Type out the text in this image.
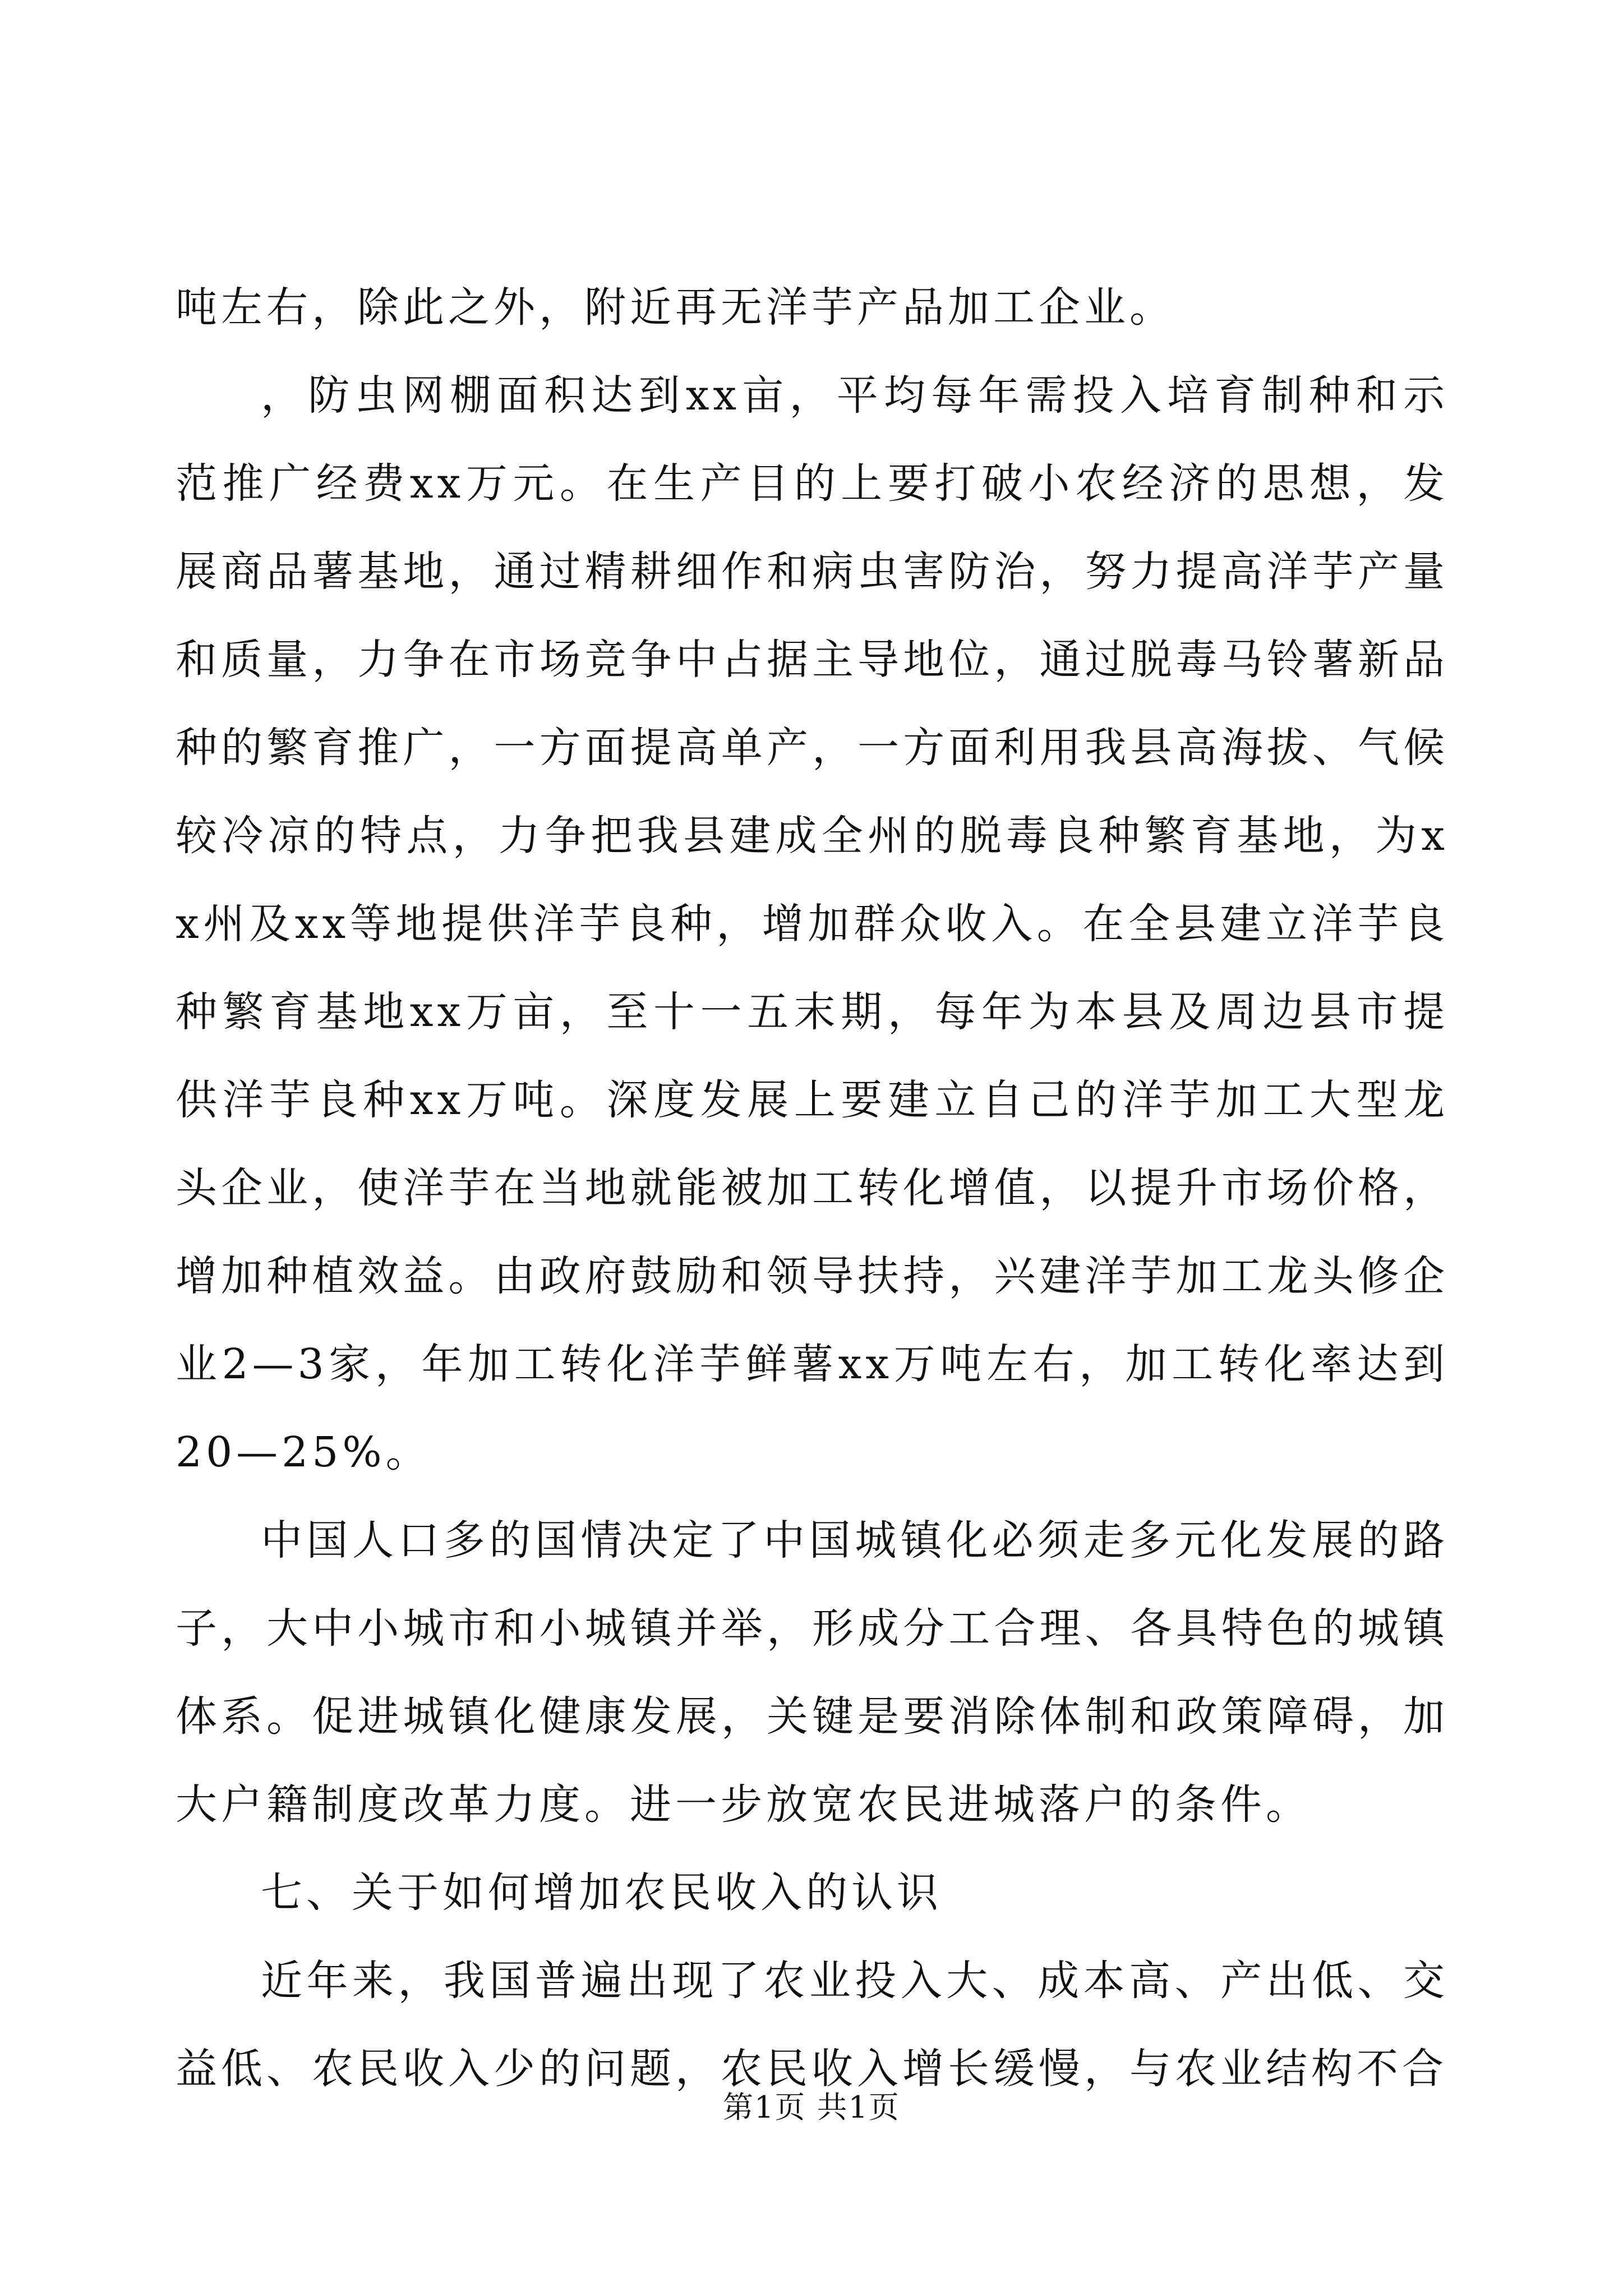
吨左右，除此之外，附近再无洋芋产品加工企业。

，防虫网棚面积达到xx亩，平均每年需投入培育制种和示范推广经费xx万元。在生产目的上要打破小农经济的思想，发展商品薯基地，通过精耕细作和病虫害防治，努力提高洋芋产量和质量，力争在市场竞争中占据主导地位，通过脱毒马铃薯新品种的繁育推广，一方面提高单产，一方面利用我县高海拔、气候较冷凉的特点，力争把我县建成全州的脱毒良种繁育基地，为xx州及xx等地提供洋芋良种，增加群众收入。在全县建立洋芋良种繁育基地xx万亩，至十一五末期，每年为本县及周边县市提供洋芋良种xx万吨。深度发展上要建立自己的洋芋加工大型龙头企业，使洋芋在当地就能被加工转化增值，以提升市场价格，增加种植效益。由政府鼓励和领导扶持，兴建洋芋加工龙头修企业2—3家，年加工转化洋芋鲜薯xx万吨左右，加工转化率达到20—25%。

中国人口多的国情决定了中国城镇化必须走多元化发展的路子，大中小城市和小城镇并举，形成分工合理、各具特色的城镇体系。促进城镇化健康发展，关键是要消除体制和政策障碍，加大户籍制度改革力度。进一步放宽农民进城落户的条件。

七、关于如何增加农民收入的认识

近年来，我国普遍出现了农业投入大、成本高、产出低、交益低、农民收入少的问题，农民收入增长缓慢，与农业结构不合

第1页 共1页
